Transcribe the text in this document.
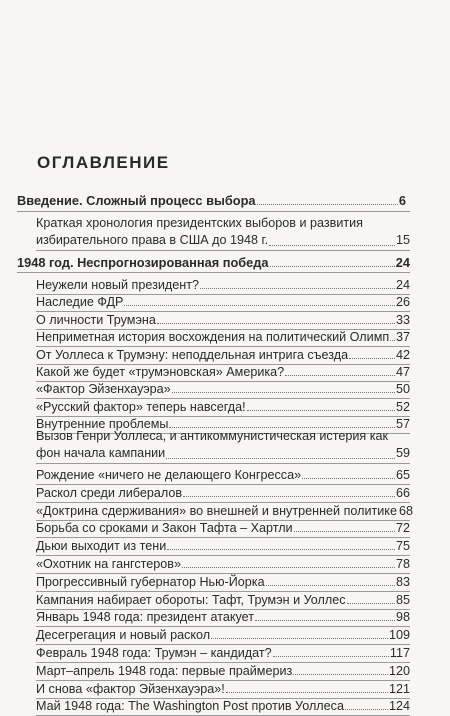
ОГЛАВЛЕНИЕ
Введение. Сложный процесс выбора	6
Краткая хронология президентских выборов и развития
избирательного права в США до 1948 г.	15
1948 год. Неспрогнозированная победа	24
Неужели новый президент?	24
Наследие ФДР	26
О личности Трумэна	33
Неприметная история восхождения на политический Олимп 37
От Уоллеса к Трумэну: неподдельная интрига съезда	42
Какой же будет «трумэновская» Америка?	47
«Фактор Эйзенхауэра»	50
«Русский фактор» теперь навсегда!	52
Внутренние проблемы	57
Вызов Генри Уоллеса, и антикоммунистическая истерия как
фон начала кампании	59
Рождение «ничего не делающего Конгресса»	65
Раскол среди либералов	66
«Доктрина сдерживания» во внешней и внутренней политике 68
Борьба со сроками и Закон Тафта – Хартли	72
Дьюи выходит из тени	75
«Охотник на гангстеров»	78
Прогрессивный губернатор Нью-Йорка	83
Кампания набирает обороты: Тафт, Трумэн и Уоллес	85
Январь 1948 года: президент атакует	98
Десегрегация и новый раскол	109
Февраль 1948 года: Трумэн – кандидат?	117
Март–апрель 1948 года: первые праймериз	120
И снова «фактор Эйзенхауэра»!	121
Май 1948 года: The Washington Post против Уоллеса	124
